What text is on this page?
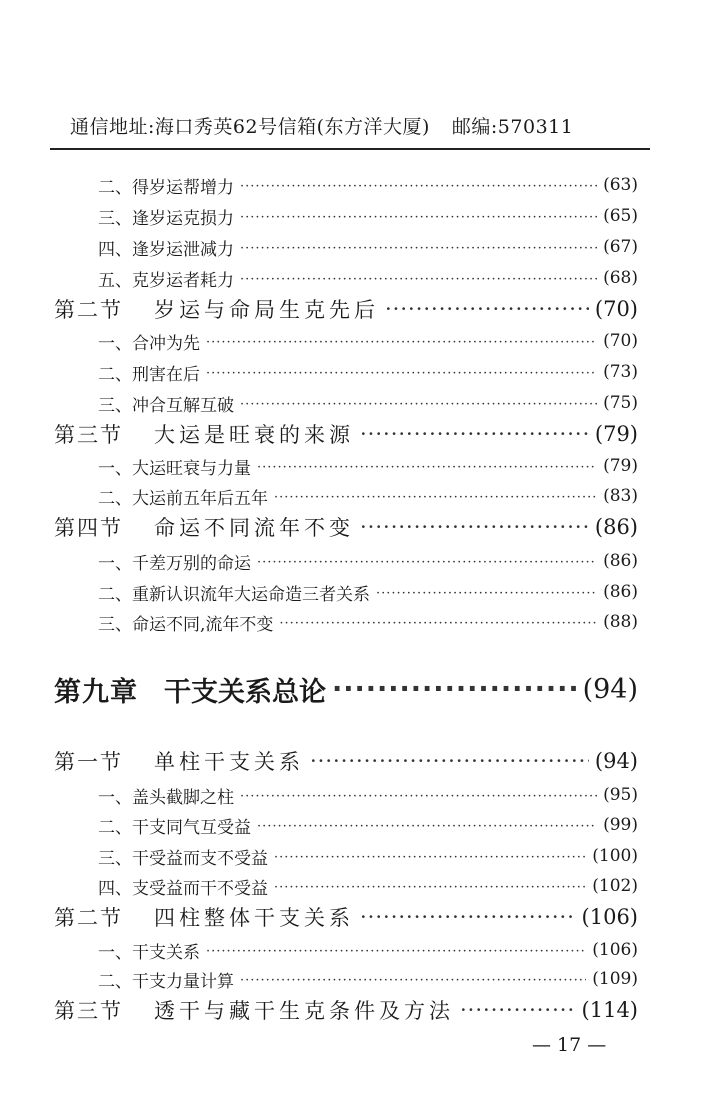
通信地址:海口秀英62号信箱(东方洋大厦) 邮编:570311
二、得岁运帮增力 ·····	(63)
三、逢岁运克损力 ·····	(65)
四、逢岁运泄减力 ·····	(67)
五、克岁运者耗力 ·····	(68)
第二节 岁运与命局生克先后 ·····	(70)
一、合冲为先 ·····	(70)
二、刑害在后 ·····	(73)
三、冲合互解互破 ·····	(75)
第三节 大运是旺衰的来源 ·····	(79)
一、大运旺衰与力量 ·····	(79)
二、大运前五年后五年 ·····	(83)
第四节 命运不同流年不变 ·····	(86)
一、千差万别的命运 ·····	(86)
二、重新认识流年大运命造三者关系 ·····	(86)
三、命运不同,流年不变 ·····	(88)
第九章 干支关系总论 ·····	(94)
第一节 单柱干支关系 ·····	(94)
一、盖头截脚之柱 ·····	(95)
二、干支同气互受益 ·····	(99)
三、干受益而支不受益 ·····	(100)
四、支受益而干不受益 ·····	(102)
第二节 四柱整体干支关系 ·····	(106)
一、干支关系 ·····	(106)
二、干支力量计算 ·····	(109)
第三节 透干与藏干生克条件及方法 ·····	(114)
— 17 —
